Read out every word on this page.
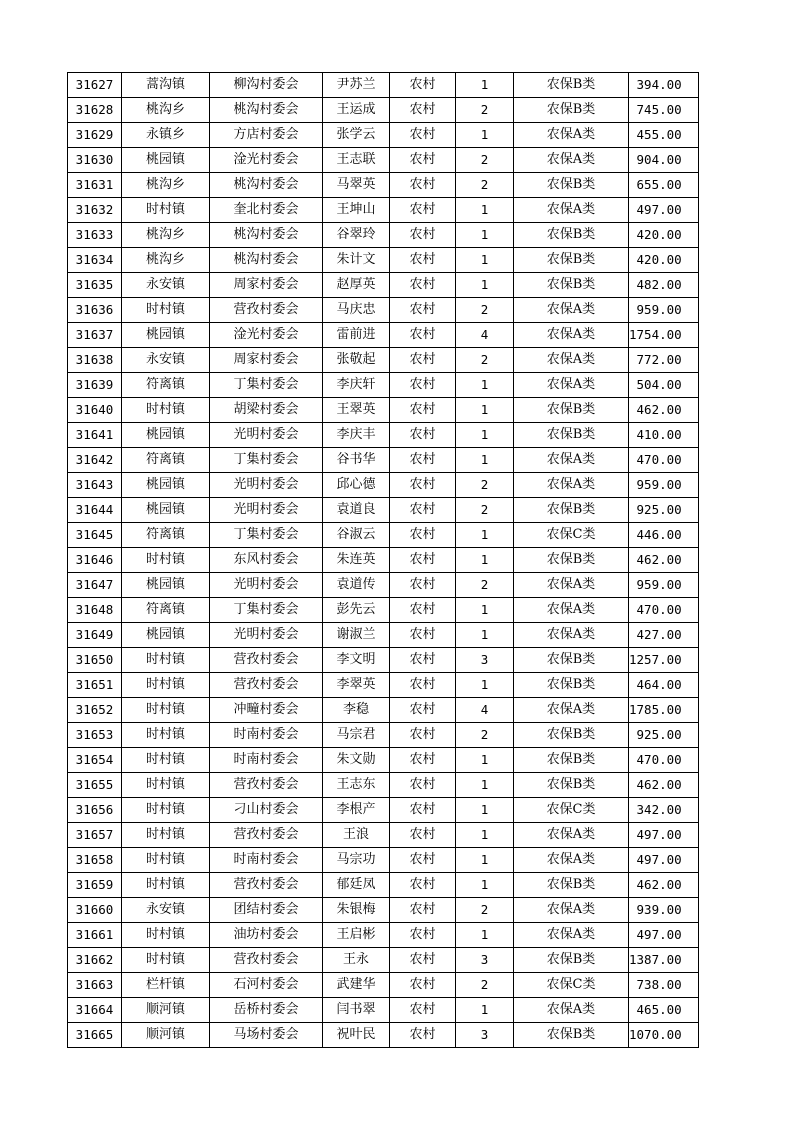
31627	蒿沟镇	柳沟村委会	尹苏兰	农村	1	农保B类	394.00
31628	桃沟乡	桃沟村委会	王运成	农村	2	农保B类	745.00
31629	永镇乡	方店村委会	张学云	农村	1	农保A类	455.00
31630	桃园镇	淦光村委会	王志联	农村	2	农保A类	904.00
31631	桃沟乡	桃沟村委会	马翠英	农村	2	农保B类	655.00
31632	时村镇	奎北村委会	王坤山	农村	1	农保A类	497.00
31633	桃沟乡	桃沟村委会	谷翠玲	农村	1	农保B类	420.00
31634	桃沟乡	桃沟村委会	朱计文	农村	1	农保B类	420.00
31635	永安镇	周家村委会	赵厚英	农村	1	农保B类	482.00
31636	时村镇	营孜村委会	马庆忠	农村	2	农保A类	959.00
31637	桃园镇	淦光村委会	雷前进	农村	4	农保A类	1754.00
31638	永安镇	周家村委会	张敬起	农村	2	农保A类	772.00
31639	符离镇	丁集村委会	李庆轩	农村	1	农保A类	504.00
31640	时村镇	胡梁村委会	王翠英	农村	1	农保B类	462.00
31641	桃园镇	光明村委会	李庆丰	农村	1	农保B类	410.00
31642	符离镇	丁集村委会	谷书华	农村	1	农保A类	470.00
31643	桃园镇	光明村委会	邱心德	农村	2	农保A类	959.00
31644	桃园镇	光明村委会	袁道良	农村	2	农保B类	925.00
31645	符离镇	丁集村委会	谷淑云	农村	1	农保C类	446.00
31646	时村镇	东风村委会	朱连英	农村	1	农保B类	462.00
31647	桃园镇	光明村委会	袁道传	农村	2	农保A类	959.00
31648	符离镇	丁集村委会	彭先云	农村	1	农保A类	470.00
31649	桃园镇	光明村委会	谢淑兰	农村	1	农保A类	427.00
31650	时村镇	营孜村委会	李文明	农村	3	农保B类	1257.00
31651	时村镇	营孜村委会	李翠英	农村	1	农保B类	464.00
31652	时村镇	冲疃村委会	李稳	农村	4	农保A类	1785.00
31653	时村镇	时南村委会	马宗君	农村	2	农保B类	925.00
31654	时村镇	时南村委会	朱文勋	农村	1	农保B类	470.00
31655	时村镇	营孜村委会	王志东	农村	1	农保B类	462.00
31656	时村镇	刁山村委会	李根产	农村	1	农保C类	342.00
31657	时村镇	营孜村委会	王浪	农村	1	农保A类	497.00
31658	时村镇	时南村委会	马宗功	农村	1	农保A类	497.00
31659	时村镇	营孜村委会	郁廷凤	农村	1	农保B类	462.00
31660	永安镇	团结村委会	朱银梅	农村	2	农保A类	939.00
31661	时村镇	油坊村委会	王启彬	农村	1	农保A类	497.00
31662	时村镇	营孜村委会	王永	农村	3	农保B类	1387.00
31663	栏杆镇	石河村委会	武建华	农村	2	农保C类	738.00
31664	顺河镇	岳桥村委会	闫书翠	农村	1	农保A类	465.00
31665	顺河镇	马场村委会	祝叶民	农村	3	农保B类	1070.00
